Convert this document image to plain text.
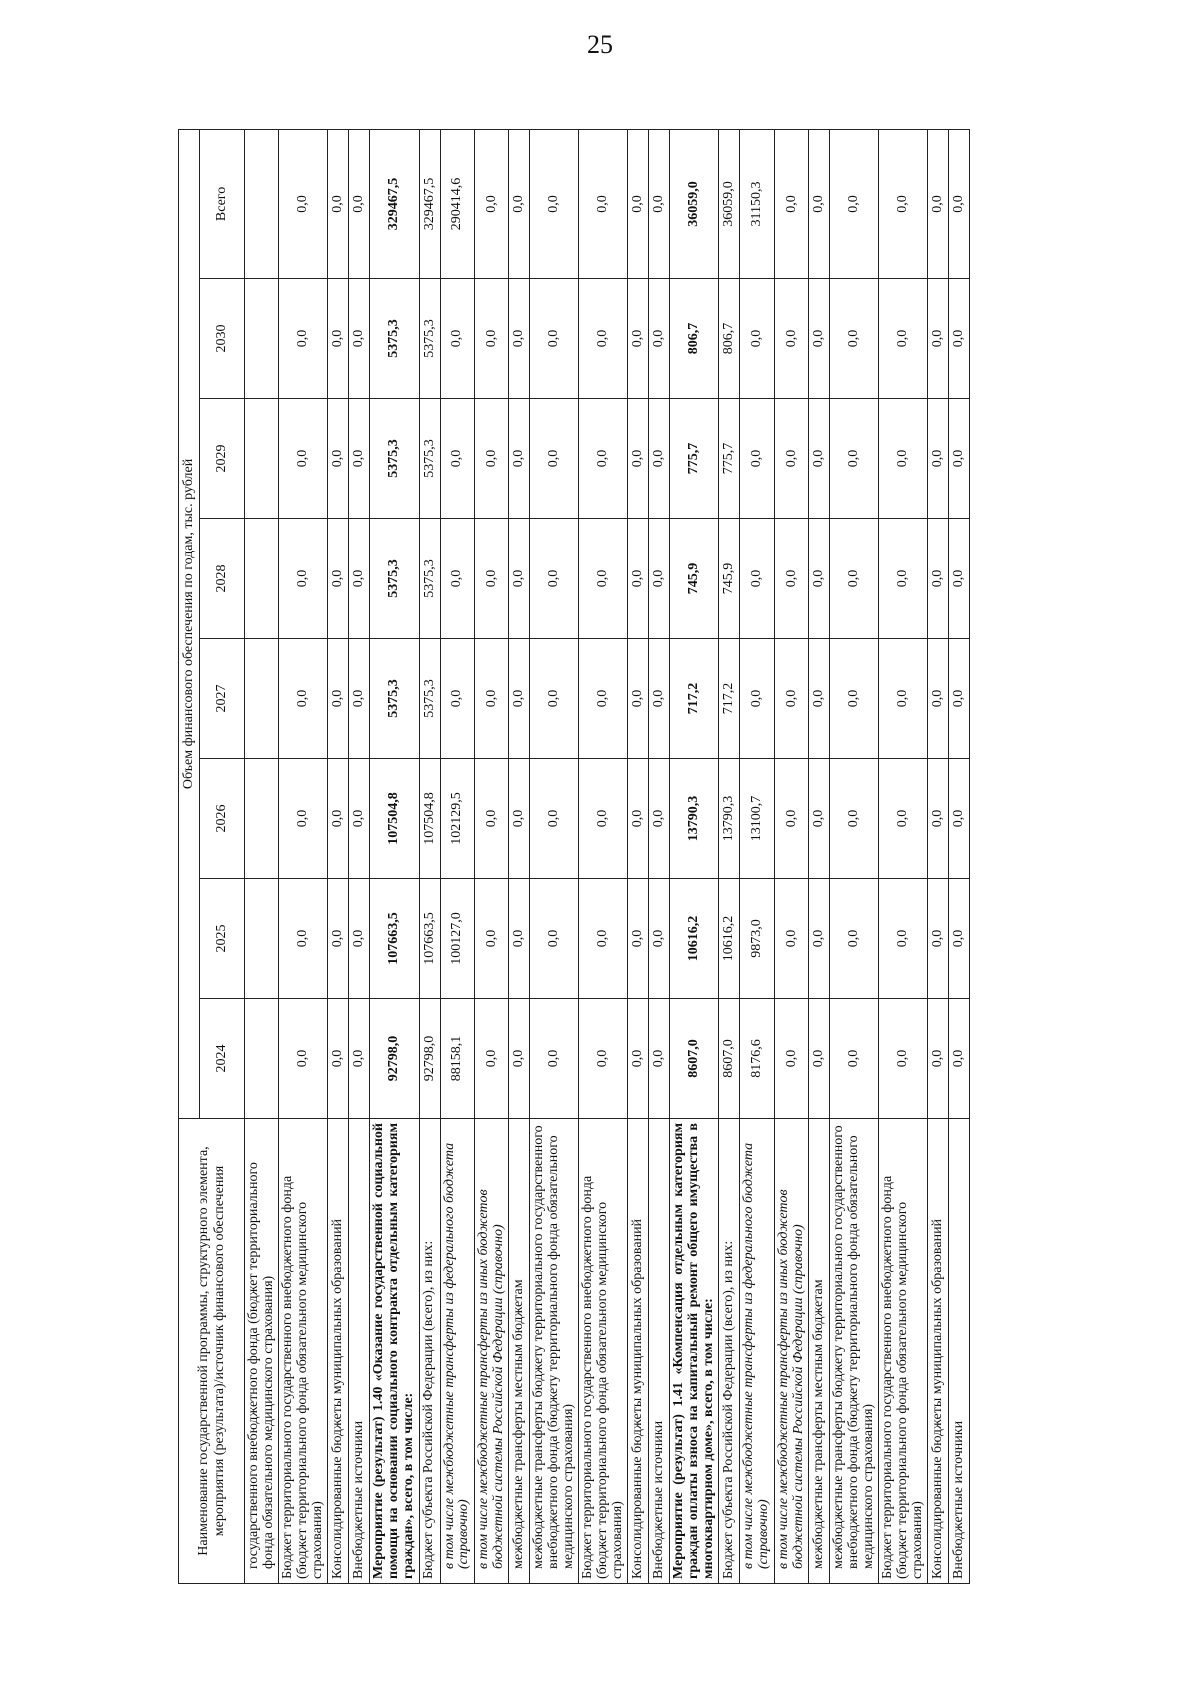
25
Наименование государственной программы, структурного элемента, мероприятия (результата)/источник финансового обеспечения	Объем финансового обеспечения по годам, тыс. рублей							
	2024	2025	2026	2027	2028	2029	2030	Всего
государственного внебюджетного фонда (бюджет территориального фонда обязательного медицинского страхования)								
Бюджет территориального государственного внебюджетного фонда (бюджет территориального фонда обязательного медицинского страхования)	0,0	0,0	0,0	0,0	0,0	0,0	0,0	0,0
Консолидированные бюджеты муниципальных образований	0,0	0,0	0,0	0,0	0,0	0,0	0,0	0,0
Внебюджетные источники	0,0	0,0	0,0	0,0	0,0	0,0	0,0	0,0
Мероприятие (результат) 1.40 «Оказание государственной социальной помощи на основании социального контракта отдельным категориям граждан», всего, в том числе:	92798,0	107663,5	107504,8	5375,3	5375,3	5375,3	5375,3	329467,5
Бюджет субъекта Российской Федерации (всего), из них:	92798,0	107663,5	107504,8	5375,3	5375,3	5375,3	5375,3	329467,5
в том числе межбюджетные трансферты из федерального бюджета (справочно)	88158,1	100127,0	102129,5	0,0	0,0	0,0	0,0	290414,6
в том числе межбюджетные трансферты из иных бюджетов бюджетной системы Российской Федерации (справочно)	0,0	0,0	0,0	0,0	0,0	0,0	0,0	0,0
межбюджетные трансферты местным бюджетам	0,0	0,0	0,0	0,0	0,0	0,0	0,0	0,0
межбюджетные трансферты бюджету территориального государственного внебюджетного фонда (бюджету территориального фонда обязательного медицинского страхования)	0,0	0,0	0,0	0,0	0,0	0,0	0,0	0,0
Бюджет территориального государственного внебюджетного фонда (бюджет территориального фонда обязательного медицинского страхования)	0,0	0,0	0,0	0,0	0,0	0,0	0,0	0,0
Консолидированные бюджеты муниципальных образований	0,0	0,0	0,0	0,0	0,0	0,0	0,0	0,0
Внебюджетные источники	0,0	0,0	0,0	0,0	0,0	0,0	0,0	0,0
Мероприятие (результат) 1.41 «Компенсация отдельным категориям граждан оплаты взноса на капитальный ремонт общего имущества в многоквартирном доме», всего, в том числе:	8607,0	10616,2	13790,3	717,2	745,9	775,7	806,7	36059,0
Бюджет субъекта Российской Федерации (всего), из них:	8607,0	10616,2	13790,3	717,2	745,9	775,7	806,7	36059,0
в том числе межбюджетные трансферты из федерального бюджета (справочно)	8176,6	9873,0	13100,7	0,0	0,0	0,0	0,0	31150,3
в том числе межбюджетные трансферты из иных бюджетов бюджетной системы Российской Федерации (справочно)	0,0	0,0	0,0	0,0	0,0	0,0	0,0	0,0
межбюджетные трансферты местным бюджетам	0,0	0,0	0,0	0,0	0,0	0,0	0,0	0,0
межбюджетные трансферты бюджету территориального государственного внебюджетного фонда (бюджету территориального фонда обязательного медицинского страхования)	0,0	0,0	0,0	0,0	0,0	0,0	0,0	0,0
Бюджет территориального государственного внебюджетного фонда (бюджет территориального фонда обязательного медицинского страхования)	0,0	0,0	0,0	0,0	0,0	0,0	0,0	0,0
Консолидированные бюджеты муниципальных образований	0,0	0,0	0,0	0,0	0,0	0,0	0,0	0,0
Внебюджетные источники	0,0	0,0	0,0	0,0	0,0	0,0	0,0	0,0
